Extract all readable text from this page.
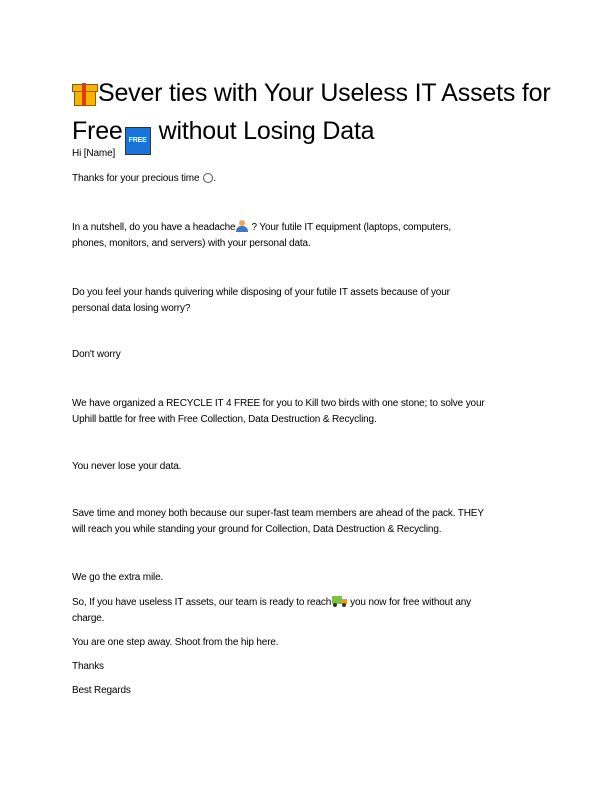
Sever ties with Your Useless IT Assets for
Free FREE without Losing Data
Hi [Name]
Thanks for your precious time .
In a nutshell, do you have a headache ? Your futile IT equipment (laptops, computers,
phones, monitors, and servers) with your personal data.
Do you feel your hands quivering while disposing of your futile IT assets because of your
personal data losing worry?
Don't worry
We have organized a RECYCLE IT 4 FREE for you to Kill two birds with one stone; to solve your
Uphill battle for free with Free Collection, Data Destruction & Recycling.
You never lose your data.
Save time and money both because our super-fast team members are ahead of the pack. THEY
will reach you while standing your ground for Collection, Data Destruction & Recycling.
We go the extra mile.
So, If you have useless IT assets, our team is ready to reach you now for free without any
charge.
You are one step away. Shoot from the hip here.
Thanks
Best Regards
